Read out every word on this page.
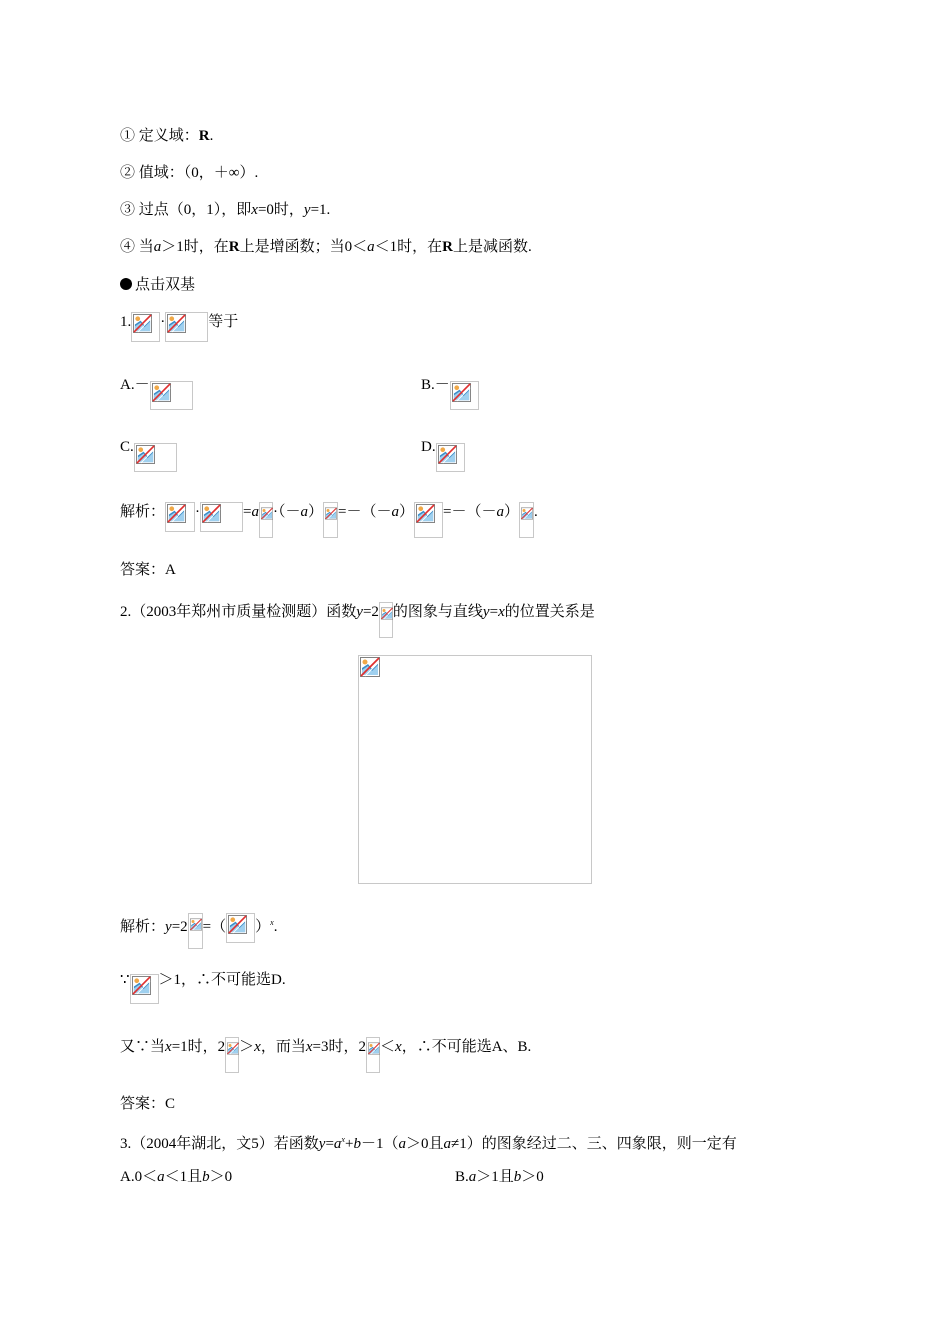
① 定义域：R.
② 值域：（0，＋∞）.
③ 过点（0，1），即x=0时，y=1.
④ 当a＞1时，在R上是增函数；当0＜a＜1时，在R上是减函数.
点击双基
1. ·	等于
A.－	B.－
C.	D.
解析： ·	=a ·（－a） =－（－a） =－（－a） .
答案：A
2.（2003年郑州市质量检测题）函数y=2 的图象与直线y=x的位置关系是
解析：y=2 =（ ）$^x$.
∵ ＞1，∴不可能选D.
又∵当x=1时，2 ＞x，而当x=3时，2 ＜x，∴不可能选A、B.
答案：C
3.（2004年湖北，文5）若函数$y=a^x+b-1(a>0$且a≠1）的图象经过二、三、四象限，则一定有
A.0＜a＜1且b＞0	B.a＞1且b＞0
